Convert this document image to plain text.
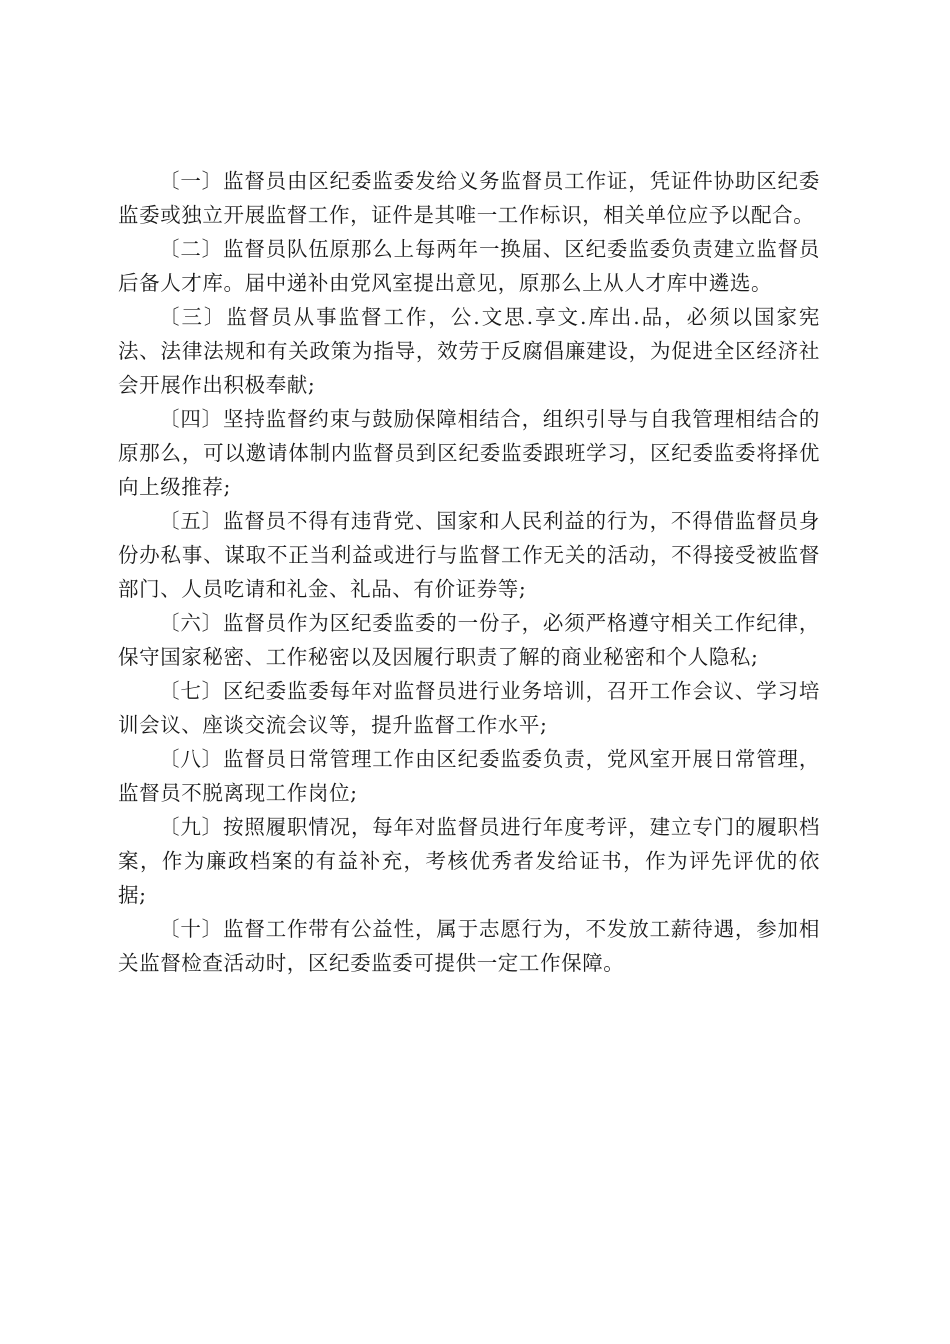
〔一〕监督员由区纪委监委发给义务监督员工作证，凭证件协助区纪委监委或独立开展监督工作，证件是其唯一工作标识，相关单位应予以配合。

〔二〕监督员队伍原那么上每两年一换届、区纪委监委负责建立监督员后备人才库。届中递补由党风室提出意见，原那么上从人才库中遴选。

〔三〕监督员从事监督工作，公.文思.享文.库出.品，必须以国家宪法、法律法规和有关政策为指导，效劳于反腐倡廉建设，为促进全区经济社会开展作出积极奉献;

〔四〕坚持监督约束与鼓励保障相结合，组织引导与自我管理相结合的原那么，可以邀请体制内监督员到区纪委监委跟班学习，区纪委监委将择优向上级推荐;

〔五〕监督员不得有违背党、国家和人民利益的行为，不得借监督员身份办私事、谋取不正当利益或进行与监督工作无关的活动，不得接受被监督部门、人员吃请和礼金、礼品、有价证券等;

〔六〕监督员作为区纪委监委的一份子，必须严格遵守相关工作纪律，保守国家秘密、工作秘密以及因履行职责了解的商业秘密和个人隐私;

〔七〕区纪委监委每年对监督员进行业务培训，召开工作会议、学习培训会议、座谈交流会议等，提升监督工作水平;

〔八〕监督员日常管理工作由区纪委监委负责，党风室开展日常管理，监督员不脱离现工作岗位;

〔九〕按照履职情况，每年对监督员进行年度考评，建立专门的履职档案，作为廉政档案的有益补充，考核优秀者发给证书，作为评先评优的依据;

〔十〕监督工作带有公益性，属于志愿行为，不发放工薪待遇，参加相关监督检查活动时，区纪委监委可提供一定工作保障。
